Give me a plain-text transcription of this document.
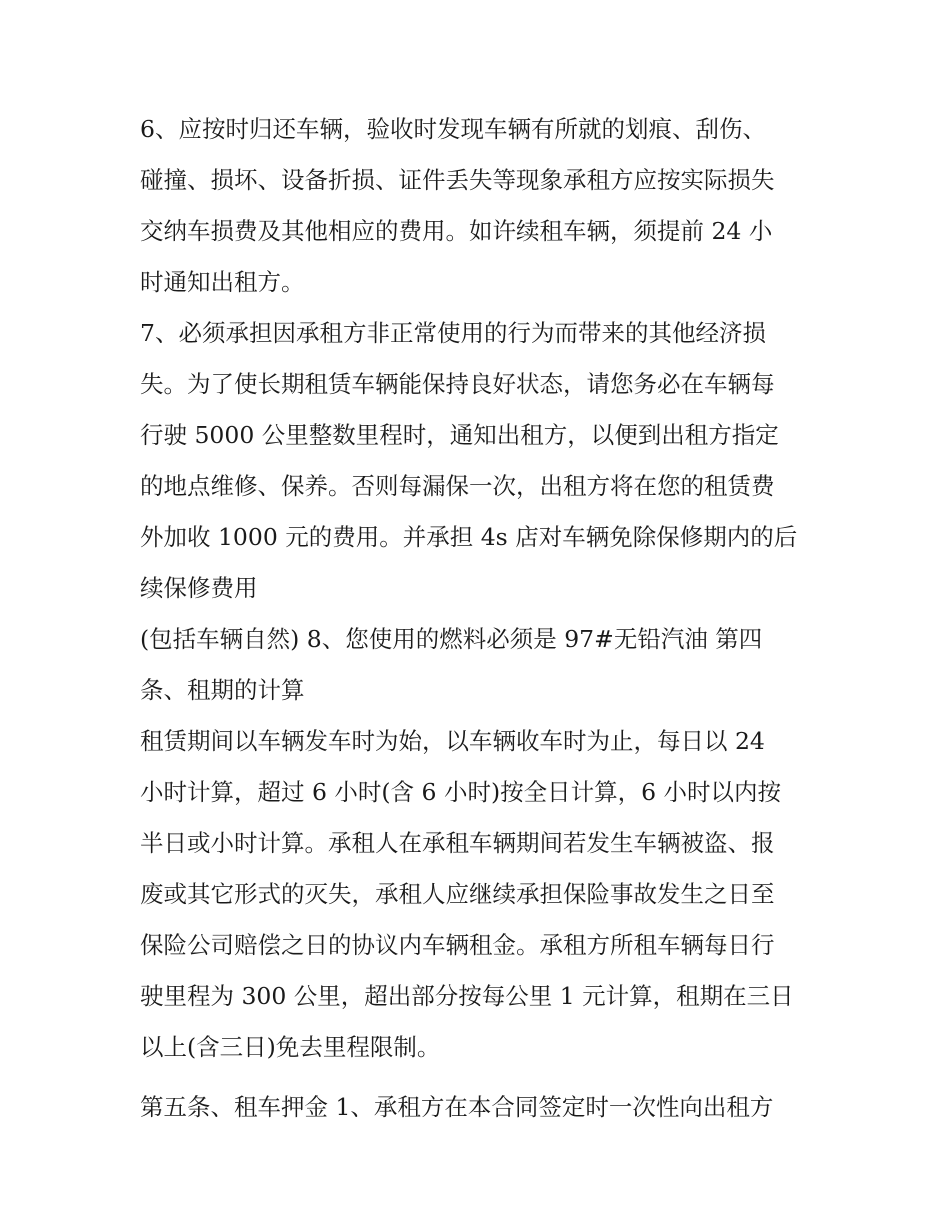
6、应按时归还车辆，验收时发现车辆有所就的划痕、刮伤、
碰撞、损坏、设备折损、证件丢失等现象承租方应按实际损失
交纳车损费及其他相应的费用。如许续租车辆，须提前 24 小
时通知出租方。
7、必须承担因承租方非正常使用的行为而带来的其他经济损
失。为了使长期租赁车辆能保持良好状态，请您务必在车辆每
行驶 5000 公里整数里程时，通知出租方，以便到出租方指定
的地点维修、保养。否则每漏保一次，出租方将在您的租赁费
外加收 1000 元的费用。并承担 4s 店对车辆免除保修期内的后
续保修费用
(包括车辆自然) 8、您使用的燃料必须是 97#无铅汽油 第四
条、租期的计算
租赁期间以车辆发车时为始，以车辆收车时为止，每日以 24
小时计算，超过 6 小时(含 6 小时)按全日计算，6 小时以内按
半日或小时计算。承租人在承租车辆期间若发生车辆被盗、报
废或其它形式的灭失，承租人应继续承担保险事故发生之日至
保险公司赔偿之日的协议内车辆租金。承租方所租车辆每日行
驶里程为 300 公里，超出部分按每公里 1 元计算，租期在三日
以上(含三日)免去里程限制。
第五条、租车押金 1、承租方在本合同签定时一次性向出租方
